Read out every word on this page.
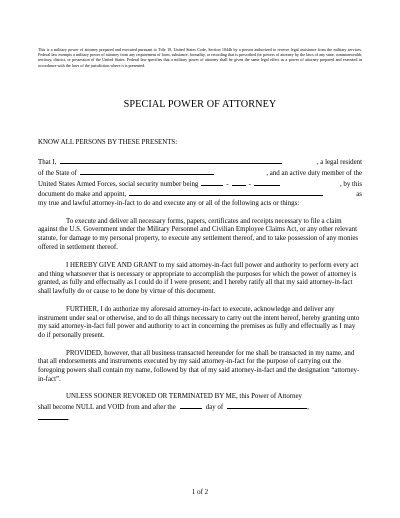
This is a military power of attorney prepared and executed pursuant to Title 10, United States Code, Section 1044b by a person authorized to receive legal assistance from the military services. Federal law exempts a military power of attorney from any requirement of form, substance, formality, or recording that is prescribed for powers of attorney by the laws of any state, commonwealth, territory, district, or possession of the United States. Federal law specifies that a military power of attorney shall be given the same legal effect as a power of attorney prepared and executed in accordance with the laws of the jurisdiction where it is presented.
SPECIAL POWER OF ATTORNEY

KNOW ALL PERSONS BY THESE PRESENTS:

That I,	, a legal resident
of the State of	, and an active duty member of the
United States Armed Forces, social security number being	-	-	, by this
document do make and appoint,	as
my true and lawful attorney-in-fact to do and execute any or all of the following acts or things:

To execute and deliver all necessary forms, papers, certificates and receipts necessary to file a claim against the U.S. Government under the Military Personnel and Civilian Employee Claims Act, or any other relevant statute, for damage to my personal property, to execute any settlement thereof, and to take possession of any monies offered in settlement thereof.

I HEREBY GIVE AND GRANT to my said attorney-in-fact full power and authority to perform every act and thing whatsoever that is necessary or appropriate to accomplish the purposes for which the power of attorney is granted, as fully and effectually as I could do if I were present; and I hereby ratify all that my said attorney-in-fact shall lawfully do or cause to be done by virtue of this document.

FURTHER, I do authorize my aforesaid attorney-in-fact to execute, acknowledge and deliver any instrument under seal or otherwise, and to do all things necessary to carry out the intent hereof, hereby granting unto my said attorney-in-fact full power and authority to act in concerning the premises as fully and effectually as I may do if personally present.

PROVIDED, however, that all business transacted hereunder for me shall be transacted in my name, and that all endorsements and instruments executed by my said attorney-in-fact for the purpose of carrying out the foregoing powers shall contain my name, followed by that of my said attorney-in-fact and the designation “attorney-in-fact”.

UNLESS SOONER REVOKED OR TERMINATED BY ME, this Power of Attorney
shall become NULL and VOID from and after the	day of	,
.
1 of 2
